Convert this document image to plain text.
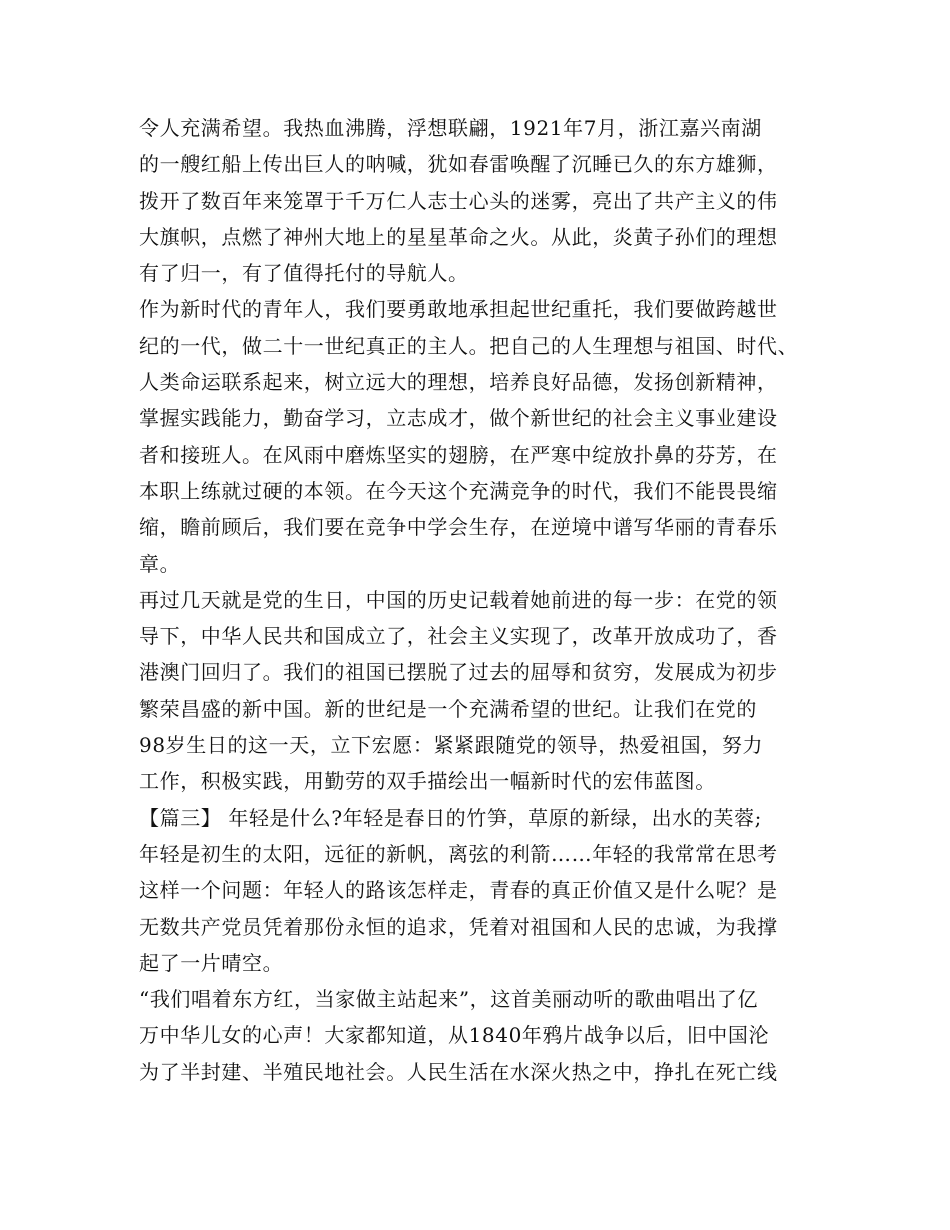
令人充满希望。我热血沸腾，浮想联翩，1921年7月，浙江嘉兴南湖
的一艘红船上传出巨人的呐喊，犹如春雷唤醒了沉睡已久的东方雄狮，
拨开了数百年来笼罩于千万仁人志士心头的迷雾，亮出了共产主义的伟
大旗帜，点燃了神州大地上的星星革命之火。从此，炎黄子孙们的理想
有了归一，有了值得托付的导航人。
作为新时代的青年人，我们要勇敢地承担起世纪重托，我们要做跨越世
纪的一代，做二十一世纪真正的主人。把自己的人生理想与祖国、时代、
人类命运联系起来，树立远大的理想，培养良好品德，发扬创新精神，
掌握实践能力，勤奋学习，立志成才，做个新世纪的社会主义事业建设
者和接班人。在风雨中磨炼坚实的翅膀，在严寒中绽放扑鼻的芬芳，在
本职上练就过硬的本领。在今天这个充满竞争的时代，我们不能畏畏缩
缩，瞻前顾后，我们要在竞争中学会生存，在逆境中谱写华丽的青春乐
章。
再过几天就是党的生日，中国的历史记载着她前进的每一步：在党的领
导下，中华人民共和国成立了，社会主义实现了，改革开放成功了，香
港澳门回归了。我们的祖国已摆脱了过去的屈辱和贫穷，发展成为初步
繁荣昌盛的新中国。新的世纪是一个充满希望的世纪。让我们在党的
98岁生日的这一天，立下宏愿：紧紧跟随党的领导，热爱祖国，努力
工作，积极实践，用勤劳的双手描绘出一幅新时代的宏伟蓝图。
【篇三】 年轻是什么?年轻是春日的竹笋，草原的新绿，出水的芙蓉;
年轻是初生的太阳，远征的新帆，离弦的利箭……年轻的我常常在思考
这样一个问题：年轻人的路该怎样走，青春的真正价值又是什么呢？是
无数共产党员凭着那份永恒的追求，凭着对祖国和人民的忠诚，为我撑
起了一片晴空。
“我们唱着东方红，当家做主站起来”，这首美丽动听的歌曲唱出了亿
万中华儿女的心声！大家都知道，从1840年鸦片战争以后，旧中国沦
为了半封建、半殖民地社会。人民生活在水深火热之中，挣扎在死亡线
